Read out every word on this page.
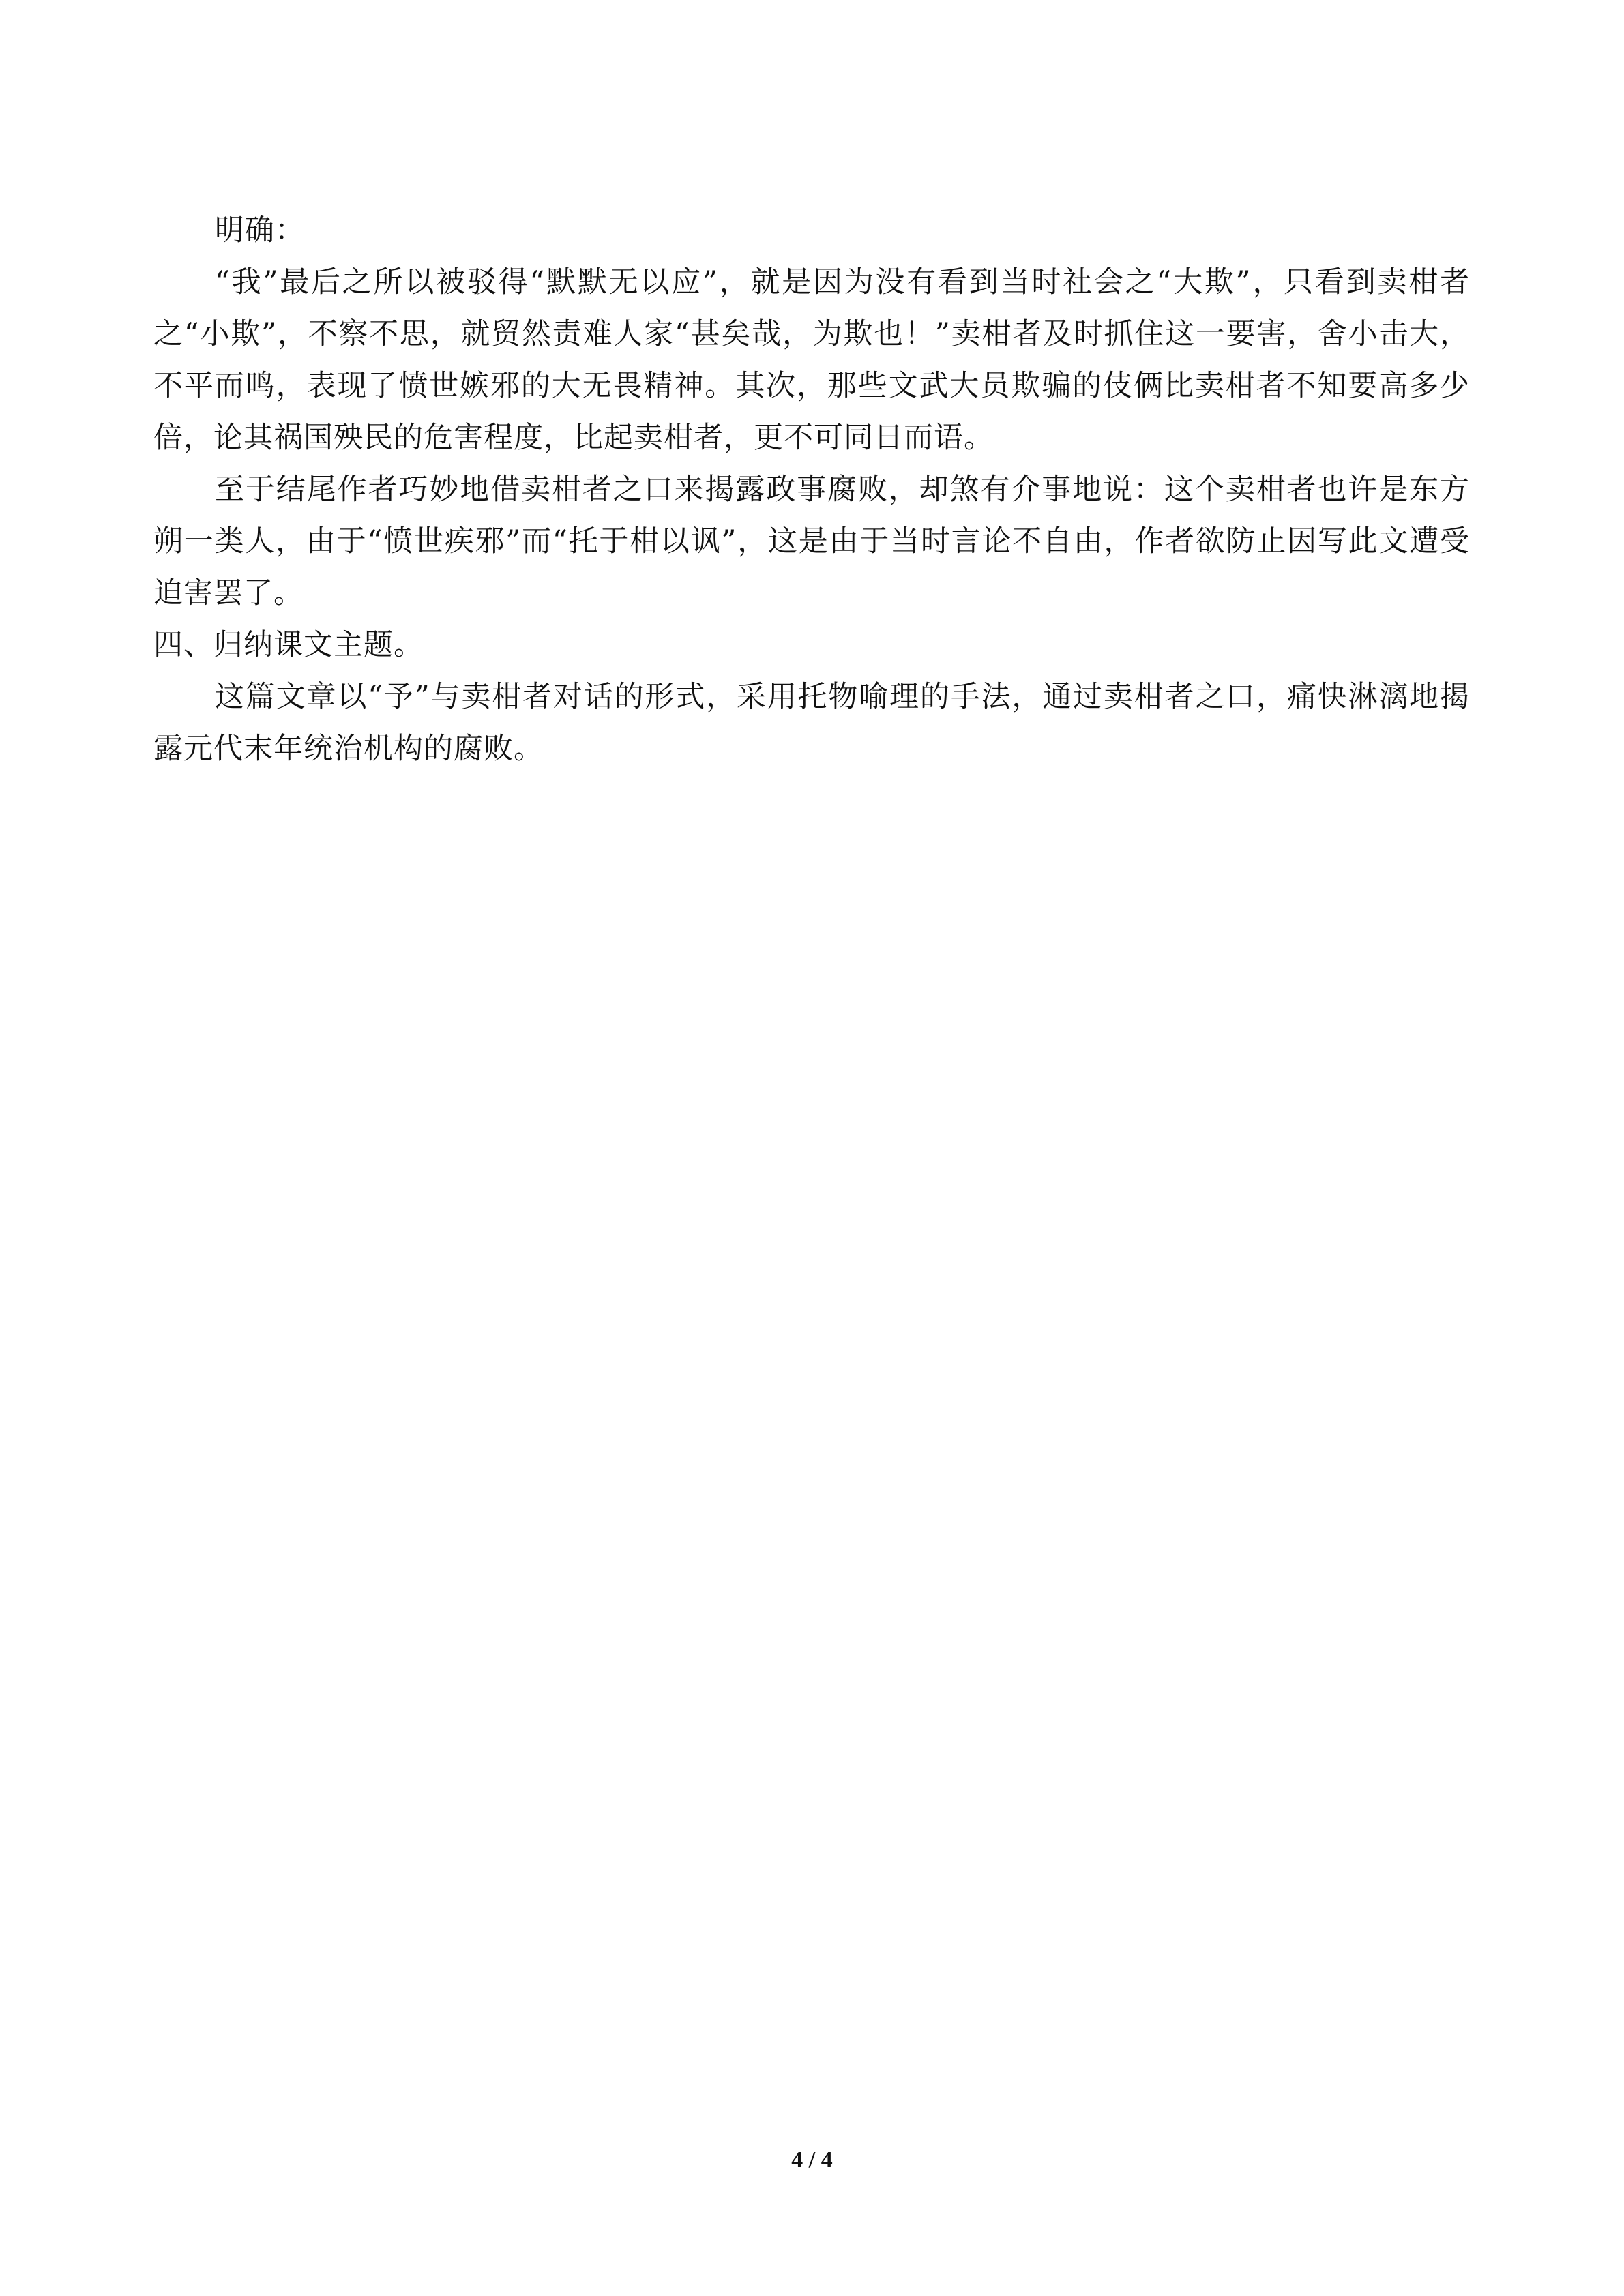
明确：

“我”最后之所以被驳得“默默无以应”，就是因为没有看到当时社会之“大欺”，只看到卖柑者之“小欺”，不察不思，就贸然责难人家“甚矣哉，为欺也！”卖柑者及时抓住这一要害，舍小击大，不平而鸣，表现了愤世嫉邪的大无畏精神。其次，那些文武大员欺骗的伎俩比卖柑者不知要高多少倍，论其祸国殃民的危害程度，比起卖柑者，更不可同日而语。

至于结尾作者巧妙地借卖柑者之口来揭露政事腐败，却煞有介事地说：这个卖柑者也许是东方朔一类人，由于“愤世疾邪”而“托于柑以讽”，这是由于当时言论不自由，作者欲防止因写此文遭受迫害罢了。

四、归纳课文主题。

这篇文章以“予”与卖柑者对话的形式，采用托物喻理的手法，通过卖柑者之口，痛快淋漓地揭露元代末年统治机构的腐败。

4 / 4
